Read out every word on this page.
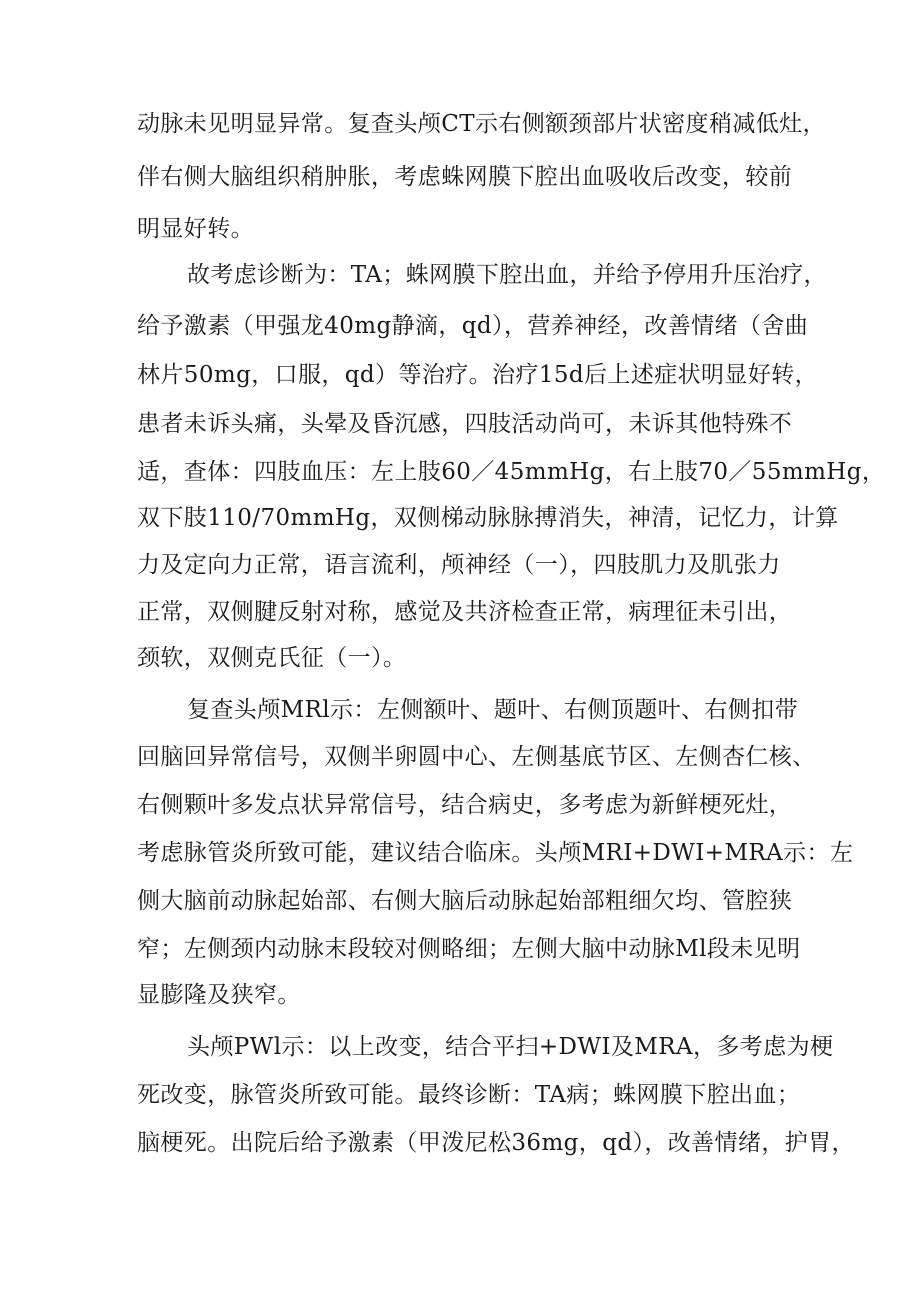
动脉未见明显异常。复查头颅CT示右侧额颈部片状密度稍减低灶，
伴右侧大脑组织稍肿胀，考虑蛛网膜下腔出血吸收后改变，较前
明显好转。
故考虑诊断为：TA；蛛网膜下腔出血，并给予停用升压治疗，
给予激素（甲强龙40mg静滴，qd），营养神经，改善情绪（舍曲
林片50mg，口服，qd）等治疗。治疗15d后上述症状明显好转，
患者未诉头痛，头晕及昏沉感，四肢活动尚可，未诉其他特殊不
适，查体：四肢血压：左上肢60／45mmHg，右上肢70／55mmHg，
双下肢110/70mmHg，双侧梯动脉脉搏消失，神清，记忆力，计算
力及定向力正常，语言流利，颅神经（一），四肢肌力及肌张力
正常，双侧腱反射对称，感觉及共济检查正常，病理征未引出，
颈软，双侧克氏征（一）。
复查头颅MRl示：左侧额叶、题叶、右侧顶题叶、右侧扣带
回脑回异常信号，双侧半卵圆中心、左侧基底节区、左侧杏仁核、
右侧颗叶多发点状异常信号，结合病史，多考虑为新鲜梗死灶，
考虑脉管炎所致可能，建议结合临床。头颅MRI+DWI+MRA示：左
侧大脑前动脉起始部、右侧大脑后动脉起始部粗细欠均、管腔狭
窄；左侧颈内动脉末段较对侧略细；左侧大脑中动脉Ml段未见明
显膨隆及狭窄。
头颅PWl示：以上改变，结合平扫+DWI及MRA，多考虑为梗
死改变，脉管炎所致可能。最终诊断：TA病；蛛网膜下腔出血；
脑梗死。出院后给予激素（甲泼尼松36mg，qd），改善情绪，护胃，
